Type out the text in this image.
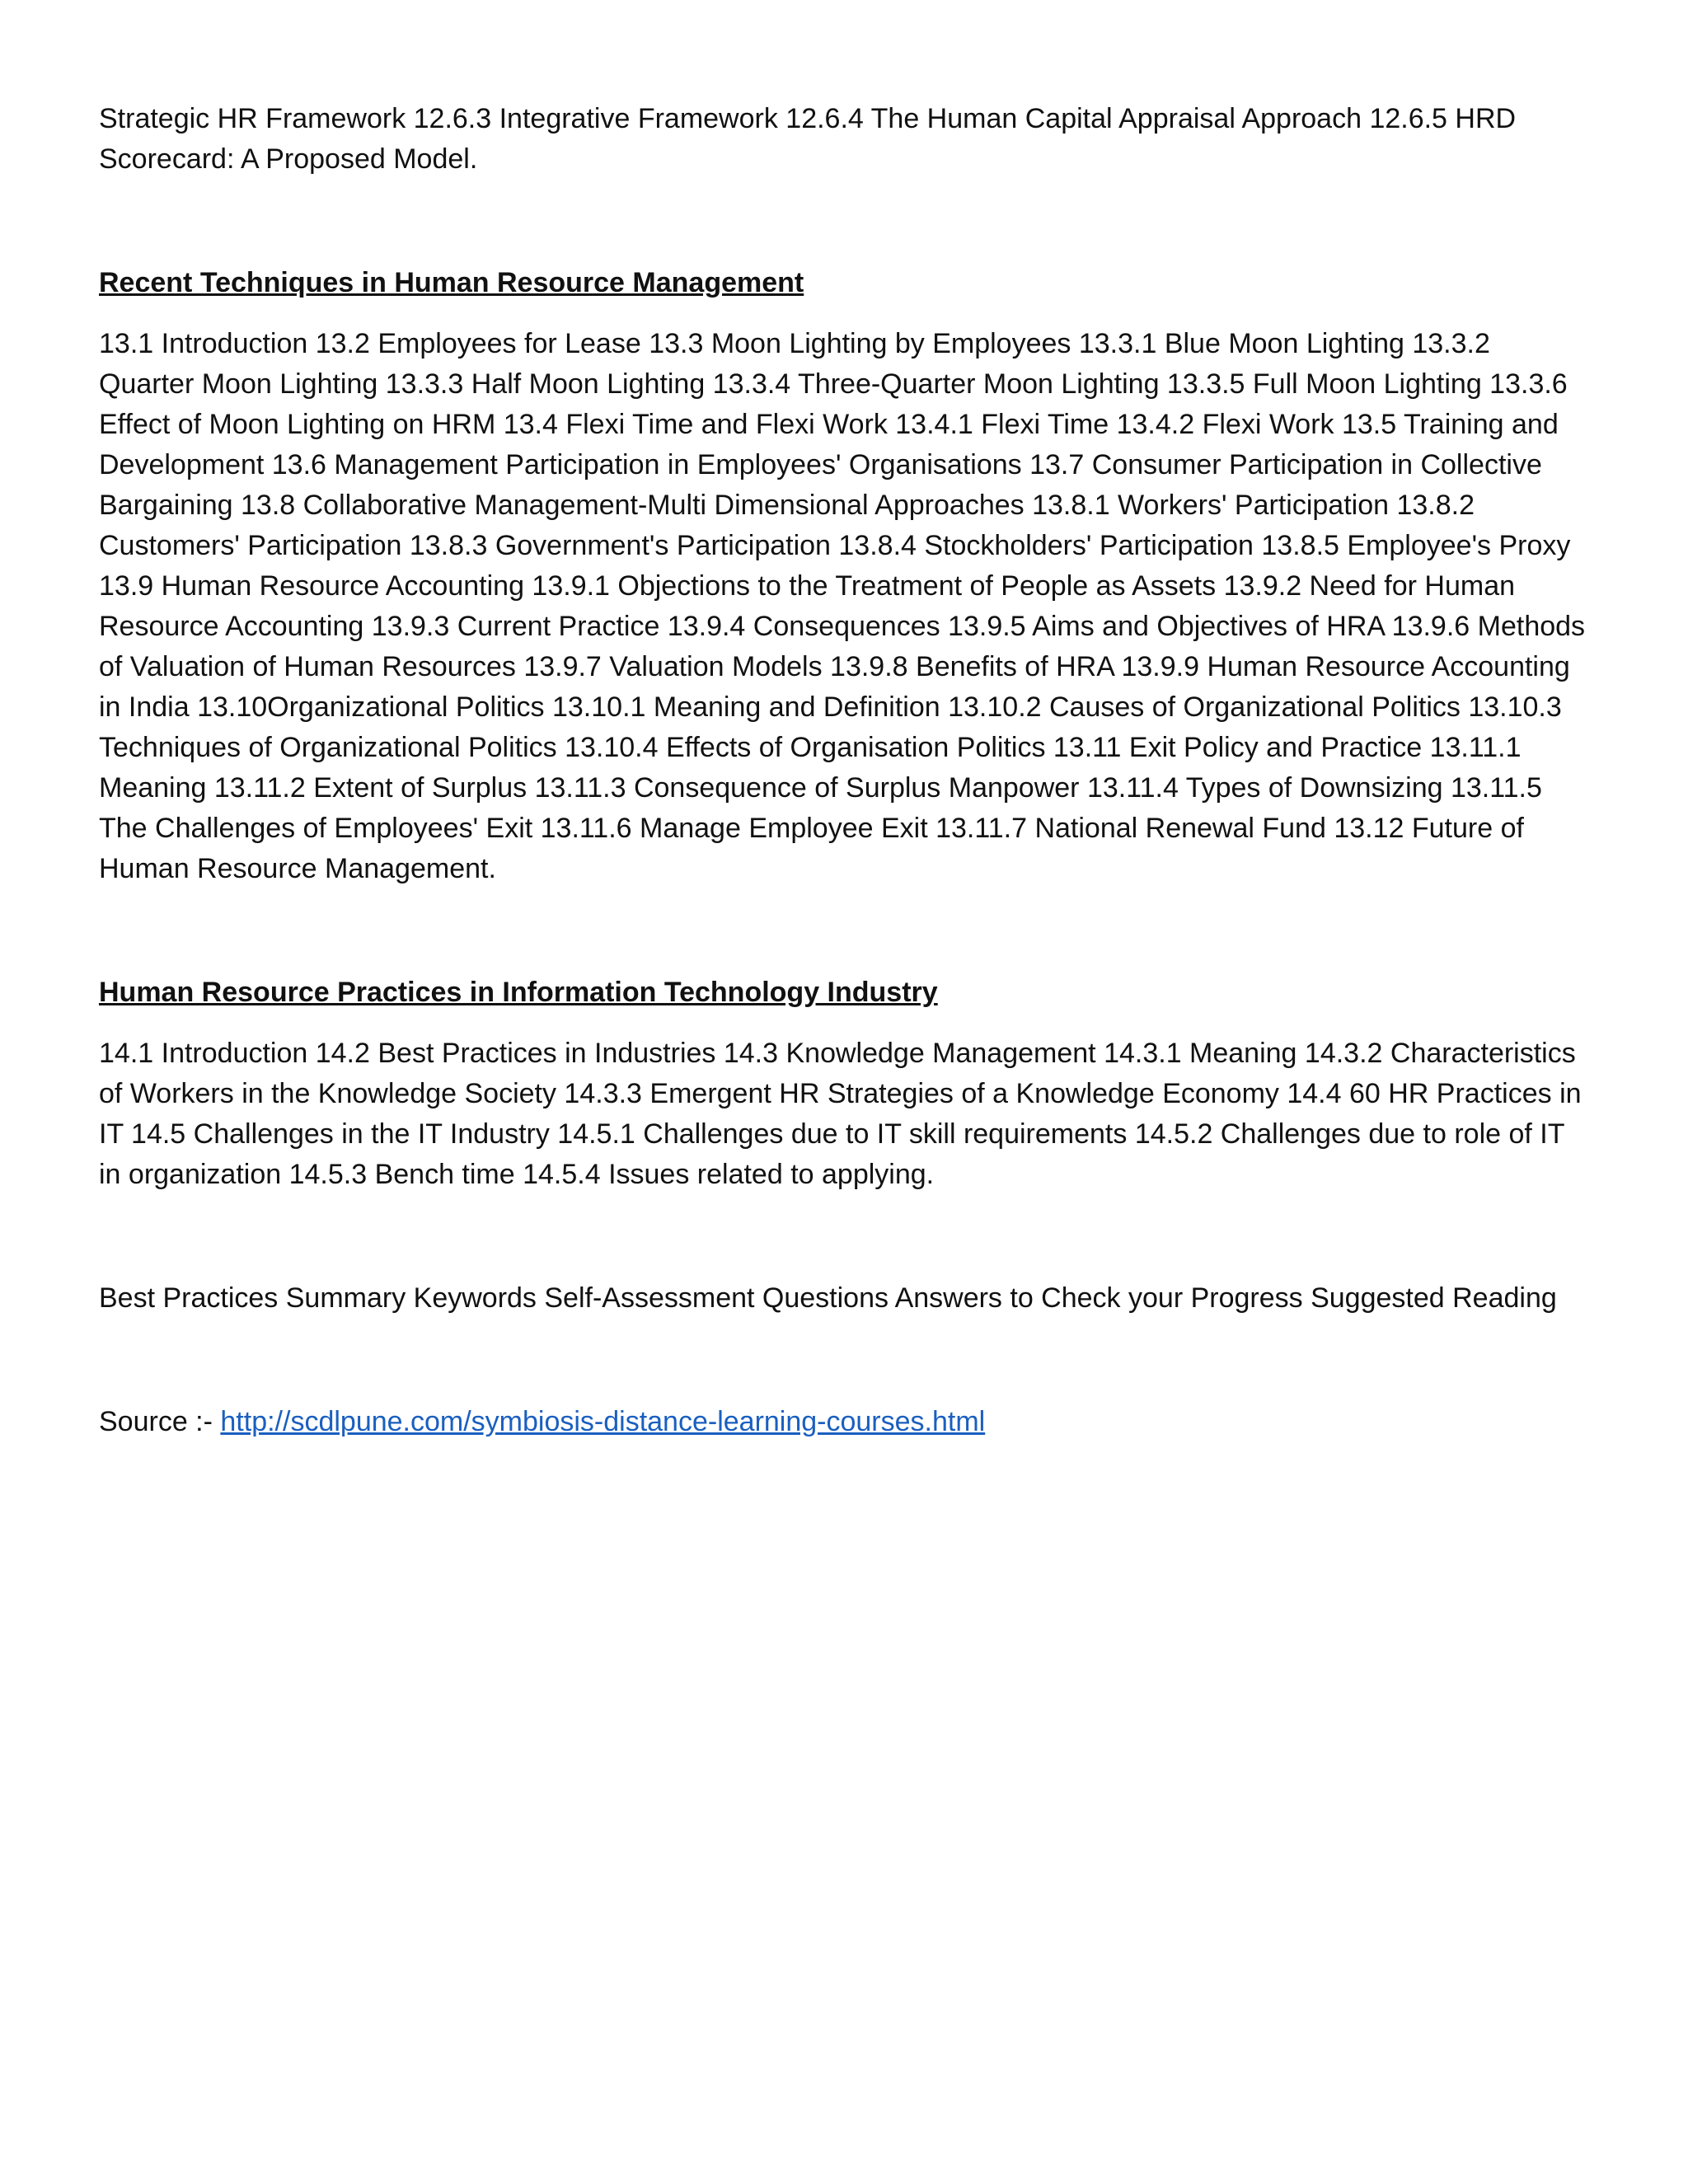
Strategic HR Framework 12.6.3 Integrative Framework 12.6.4 The Human Capital Appraisal Approach 12.6.5 HRD Scorecard: A Proposed Model.

Recent Techniques in Human Resource Management

13.1 Introduction 13.2 Employees for Lease 13.3 Moon Lighting by Employees 13.3.1 Blue Moon Lighting 13.3.2 Quarter Moon Lighting 13.3.3 Half Moon Lighting 13.3.4 Three-Quarter Moon Lighting 13.3.5 Full Moon Lighting 13.3.6 Effect of Moon Lighting on HRM 13.4 Flexi Time and Flexi Work 13.4.1 Flexi Time 13.4.2 Flexi Work 13.5 Training and Development 13.6 Management Participation in Employees' Organisations 13.7 Consumer Participation in Collective Bargaining 13.8 Collaborative Management-Multi Dimensional Approaches 13.8.1 Workers' Participation 13.8.2 Customers' Participation 13.8.3 Government's Participation 13.8.4 Stockholders' Participation 13.8.5 Employee's Proxy 13.9 Human Resource Accounting 13.9.1 Objections to the Treatment of People as Assets 13.9.2 Need for Human Resource Accounting 13.9.3 Current Practice 13.9.4 Consequences 13.9.5 Aims and Objectives of HRA 13.9.6 Methods of Valuation of Human Resources 13.9.7 Valuation Models 13.9.8 Benefits of HRA 13.9.9 Human Resource Accounting in India 13.10Organizational Politics 13.10.1 Meaning and Definition 13.10.2 Causes of Organizational Politics 13.10.3 Techniques of Organizational Politics 13.10.4 Effects of Organisation Politics 13.11 Exit Policy and Practice 13.11.1 Meaning 13.11.2 Extent of Surplus 13.11.3 Consequence of Surplus Manpower 13.11.4 Types of Downsizing 13.11.5 The Challenges of Employees' Exit 13.11.6 Manage Employee Exit 13.11.7 National Renewal Fund 13.12 Future of Human Resource Management.

Human Resource Practices in Information Technology Industry

14.1 Introduction 14.2 Best Practices in Industries 14.3 Knowledge Management 14.3.1 Meaning 14.3.2 Characteristics of Workers in the Knowledge Society 14.3.3 Emergent HR Strategies of a Knowledge Economy 14.4 60 HR Practices in IT 14.5 Challenges in the IT Industry 14.5.1 Challenges due to IT skill requirements 14.5.2 Challenges due to role of IT in organization 14.5.3 Bench time 14.5.4 Issues related to applying.

Best Practices Summary Keywords Self-Assessment Questions Answers to Check your Progress Suggested Reading

Source :- http://scdlpune.com/symbiosis-distance-learning-courses.html
